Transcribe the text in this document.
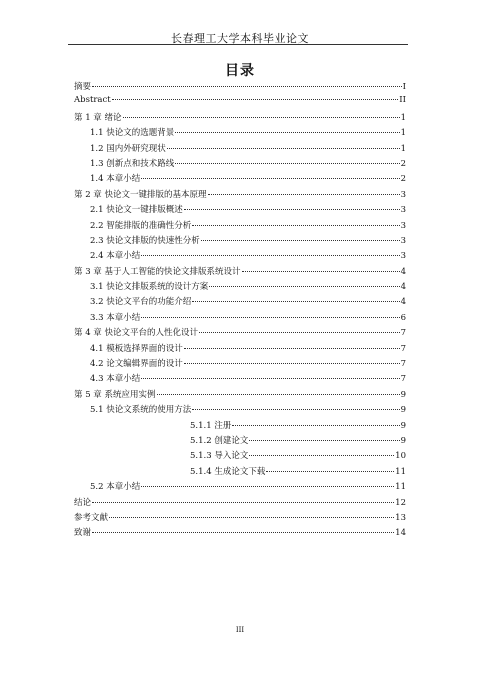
长春理工大学本科毕业论文
目录
摘要	I
Abstract	II
第 1 章 绪论	1
1.1 快论文的选题背景	1
1.2 国内外研究现状	1
1.3 创新点和技术路线	2
1.4 本章小结	2
第 2 章 快论文一键排版的基本原理	3
2.1 快论文一键排版概述	3
2.2 智能排版的准确性分析	3
2.3 快论文排版的快速性分析	3
2.4 本章小结	3
第 3 章 基于人工智能的快论文排版系统设计	4
3.1 快论文排版系统的设计方案	4
3.2 快论文平台的功能介绍	4
3.3 本章小结	6
第 4 章 快论文平台的人性化设计	7
4.1 模板选择界面的设计	7
4.2 论文编辑界面的设计	7
4.3 本章小结	7
第 5 章 系统应用实例	9
5.1 快论文系统的使用方法	9
5.1.1 注册	9
5.1.2 创建论文	9
5.1.3 导入论文	10
5.1.4 生成论文下载	11
5.2 本章小结	11
结论	12
参考文献	13
致谢	14
III
